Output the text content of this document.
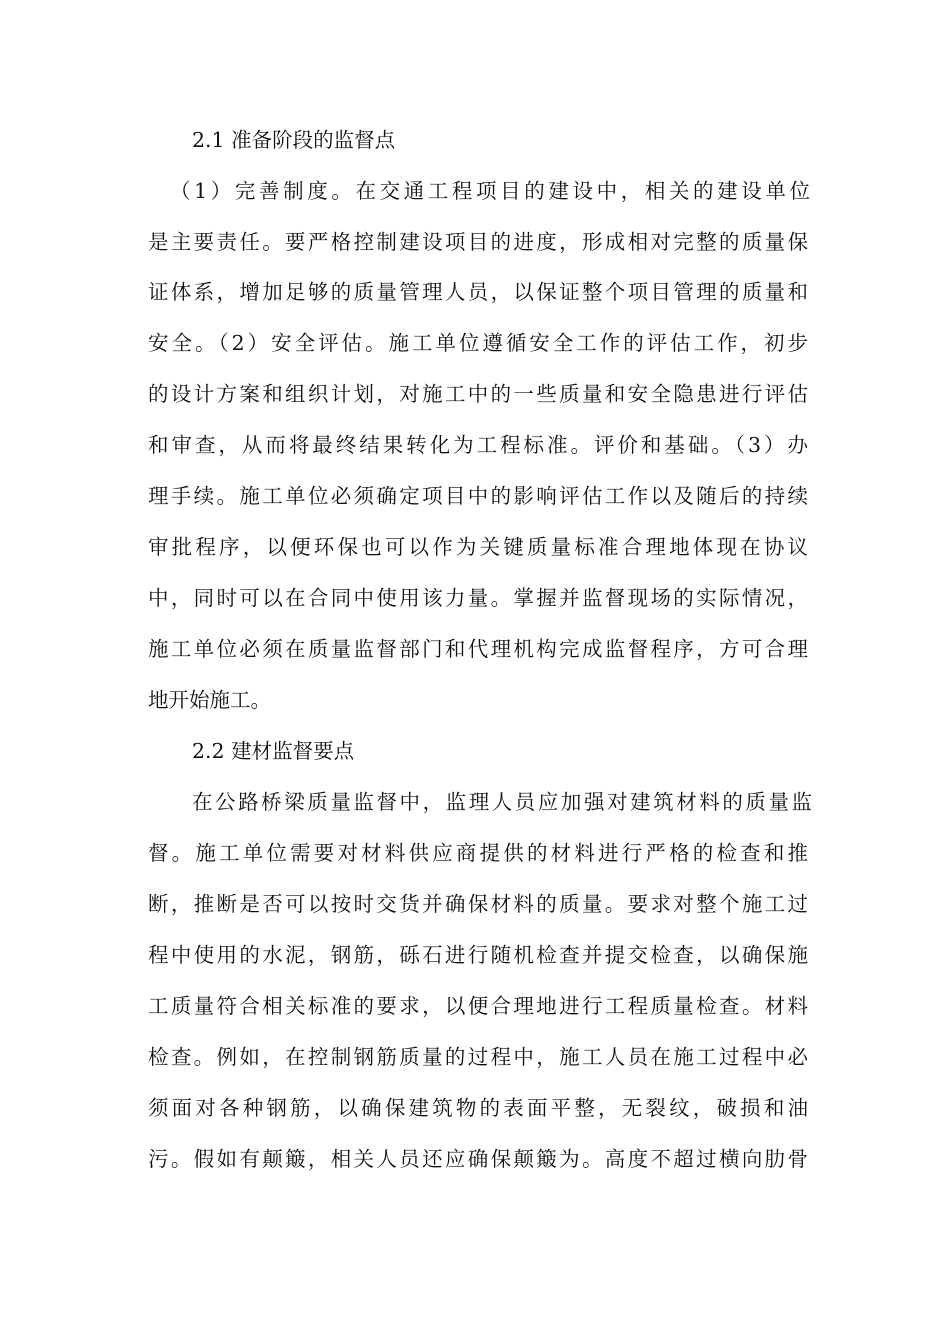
2.1 准备阶段的监督点
（1）完善制度。在交通工程项目的建设中，相关的建设单位
是主要责任。要严格控制建设项目的进度，形成相对完整的质量保
证体系，增加足够的质量管理人员，以保证整个项目管理的质量和
安全。（2）安全评估。施工单位遵循安全工作的评估工作，初步
的设计方案和组织计划，对施工中的一些质量和安全隐患进行评估
和审查，从而将最终结果转化为工程标准。评价和基础。（3）办
理手续。施工单位必须确定项目中的影响评估工作以及随后的持续
审批程序，以便环保也可以作为关键质量标准合理地体现在协议
中，同时可以在合同中使用该力量。掌握并监督现场的实际情况，
施工单位必须在质量监督部门和代理机构完成监督程序，方可合理
地开始施工。
2.2 建材监督要点
在公路桥梁质量监督中，监理人员应加强对建筑材料的质量监
督。施工单位需要对材料供应商提供的材料进行严格的检查和推
断，推断是否可以按时交货并确保材料的质量。要求对整个施工过
程中使用的水泥，钢筋，砾石进行随机检查并提交检查，以确保施
工质量符合相关标准的要求，以便合理地进行工程质量检查。材料
检查。例如，在控制钢筋质量的过程中，施工人员在施工过程中必
须面对各种钢筋，以确保建筑物的表面平整，无裂纹，破损和油
污。假如有颠簸，相关人员还应确保颠簸为。高度不超过横向肋骨
